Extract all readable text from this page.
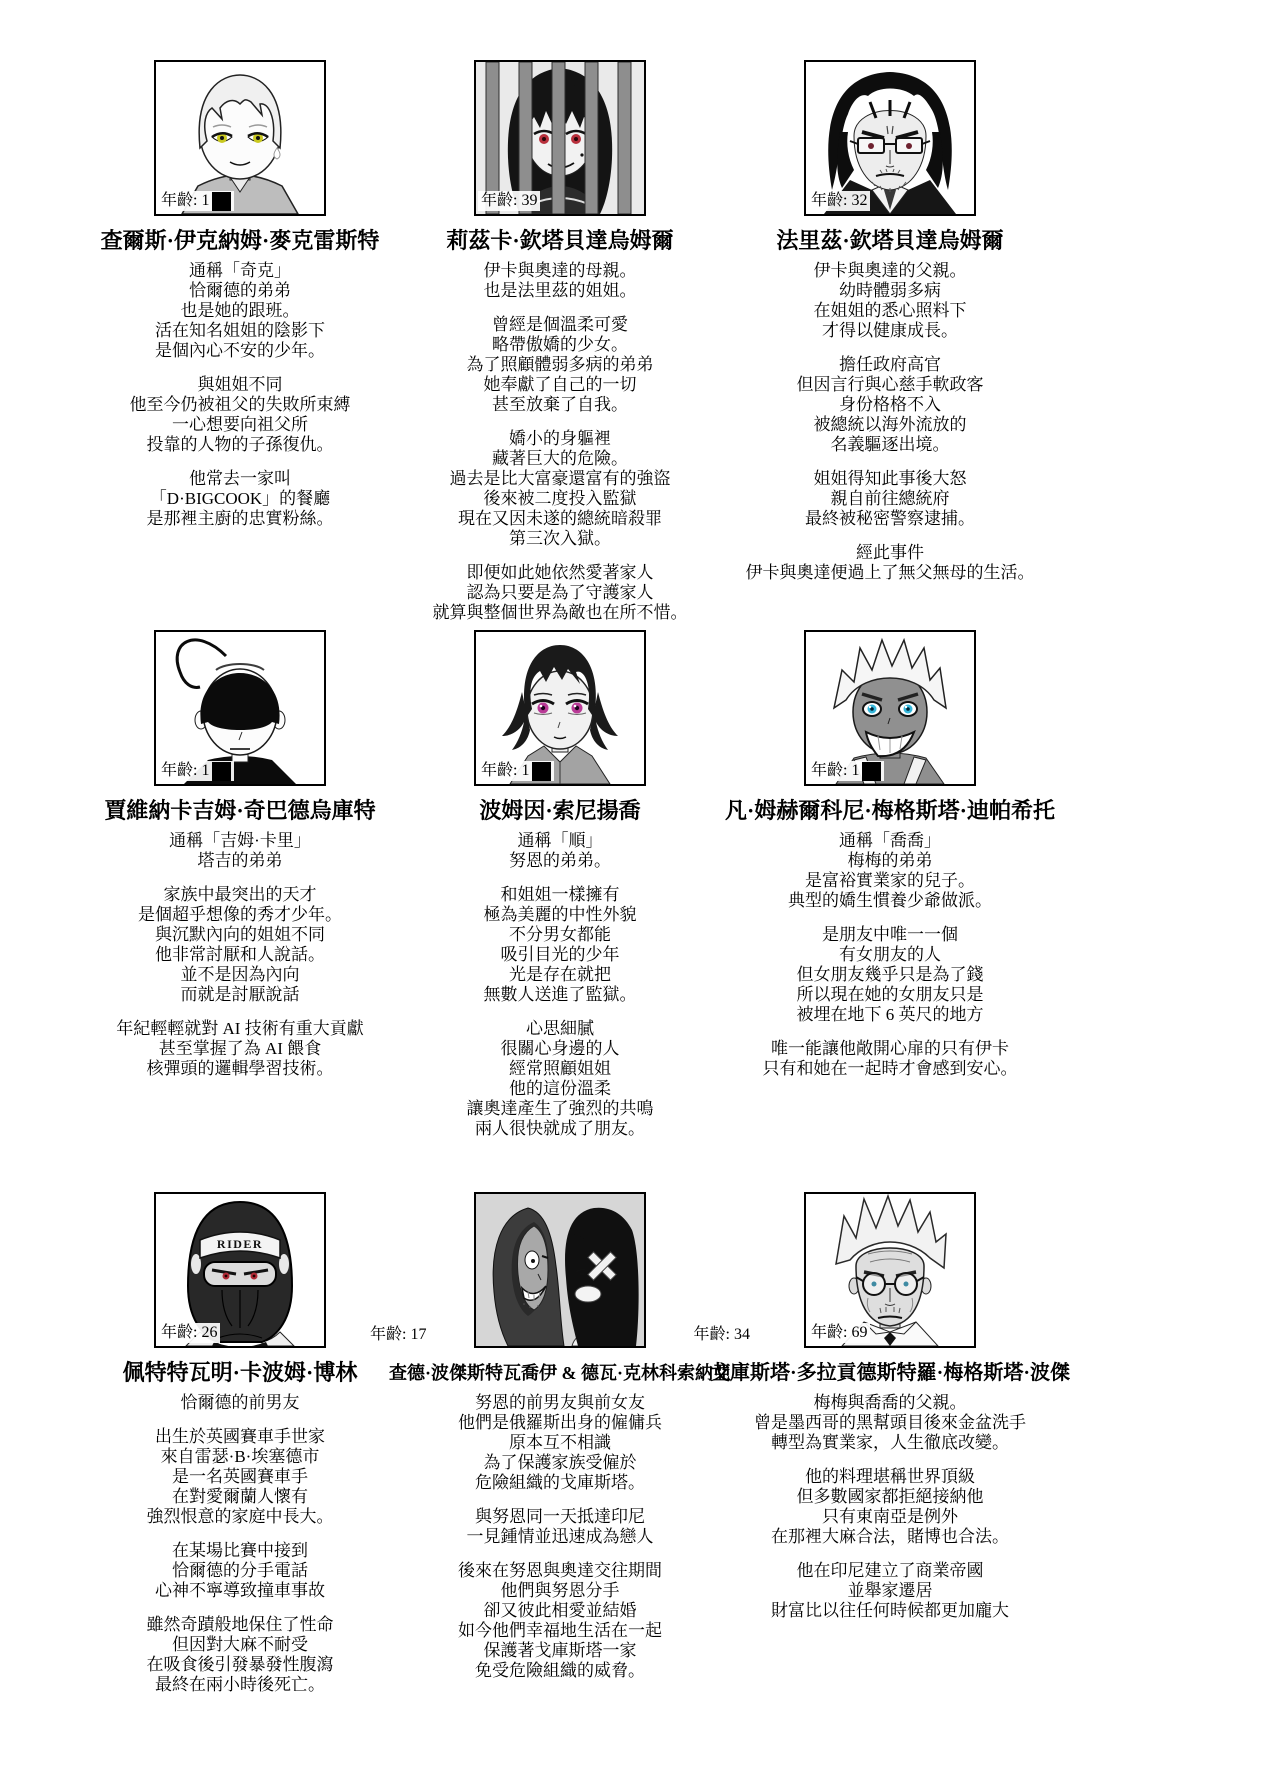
年齡: 1
查爾斯·伊克納姆·麥克雷斯特

通稱「奇克」
恰爾德的弟弟
也是她的跟班。
活在知名姐姐的陰影下
是個內心不安的少年。

與姐姐不同
他至今仍被祖父的失敗所束縛
一心想要向祖父所
投靠的人物的子孫復仇。

他常去一家叫
「D·BIGCOOK」的餐廳
是那裡主廚的忠實粉絲。

年齡: 39
莉茲卡·欽塔貝達烏姆爾

伊卡與奧達的母親。
也是法里茲的姐姐。

曾經是個溫柔可愛
略帶傲嬌的少女。
為了照顧體弱多病的弟弟
她奉獻了自己的一切
甚至放棄了自我。

嬌小的身軀裡
藏著巨大的危險。
過去是比大富豪還富有的強盜
後來被二度投入監獄
現在又因未遂的總統暗殺罪
第三次入獄。

即便如此她依然愛著家人
認為只要是為了守護家人
就算與整個世界為敵也在所不惜。

年齡: 32
法里茲·欽塔貝達烏姆爾

伊卡與奧達的父親。
幼時體弱多病
在姐姐的悉心照料下
才得以健康成長。

擔任政府高官
但因言行與心慈手軟政客
身份格格不入
被總統以海外流放的
名義驅逐出境。

姐姐得知此事後大怒
親自前往總統府
最終被秘密警察逮捕。

經此事件
伊卡與奧達便過上了無父無母的生活。

年齡: 1
賈維納卡吉姆·奇巴德烏庫特

通稱「吉姆·卡里」
塔吉的弟弟

家族中最突出的天才
是個超乎想像的秀才少年。
與沉默內向的姐姐不同
他非常討厭和人說話。
並不是因為內向
而就是討厭說話

年紀輕輕就對 AI 技術有重大貢獻
甚至掌握了為 AI 餵食
核彈頭的邏輯學習技術。

年齡: 1
波姆因·索尼揚喬

通稱「順」
努恩的弟弟。

和姐姐一樣擁有
極為美麗的中性外貌
不分男女都能
吸引目光的少年
光是存在就把
無數人送進了監獄。

心思細膩
很關心身邊的人
經常照顧姐姐
他的這份溫柔
讓奧達產生了強烈的共鳴
兩人很快就成了朋友。

年齡: 1
凡·姆赫爾科尼·梅格斯塔·迪帕希托

通稱「喬喬」
梅梅的弟弟
是富裕實業家的兒子。
典型的嬌生慣養少爺做派。

是朋友中唯一一個
有女朋友的人
但女朋友幾乎只是為了錢
所以現在她的女朋友只是
被埋在地下 6 英尺的地方

唯一能讓他敞開心扉的只有伊卡
只有和她在一起時才會感到安心。

RIDER
年齡: 26
佩特特瓦明·卡波姆·博林

恰爾德的前男友

出生於英國賽車手世家
來自雷瑟·B·埃塞德市
是一名英國賽車手
在對愛爾蘭人懷有
強烈恨意的家庭中長大。

在某場比賽中接到
恰爾德的分手電話
心神不寧導致撞車事故

雖然奇蹟般地保住了性命
但因對大麻不耐受
在吸食後引發暴發性腹瀉
最終在兩小時後死亡。

年齡: 17	年齡: 34
查德·波傑斯特瓦喬伊 & 德瓦·克林科索納亞

努恩的前男友與前女友
他們是俄羅斯出身的僱傭兵
原本互不相識
為了保護家族受僱於
危險組織的戈庫斯塔。

與努恩同一天抵達印尼
一見鍾情並迅速成為戀人

後來在努恩與奧達交往期間
他們與努恩分手
卻又彼此相愛並結婚
如今他們幸福地生活在一起
保護著戈庫斯塔一家
免受危險組織的威脅。

年齡: 69
戈庫斯塔·多拉貢德斯特羅·梅格斯塔·波傑

梅梅與喬喬的父親。
曾是墨西哥的黑幫頭目後來金盆洗手
轉型為實業家，人生徹底改變。

他的料理堪稱世界頂級
但多數國家都拒絕接納他
只有東南亞是例外
在那裡大麻合法，賭博也合法。

他在印尼建立了商業帝國
並舉家遷居
財富比以往任何時候都更加龐大
